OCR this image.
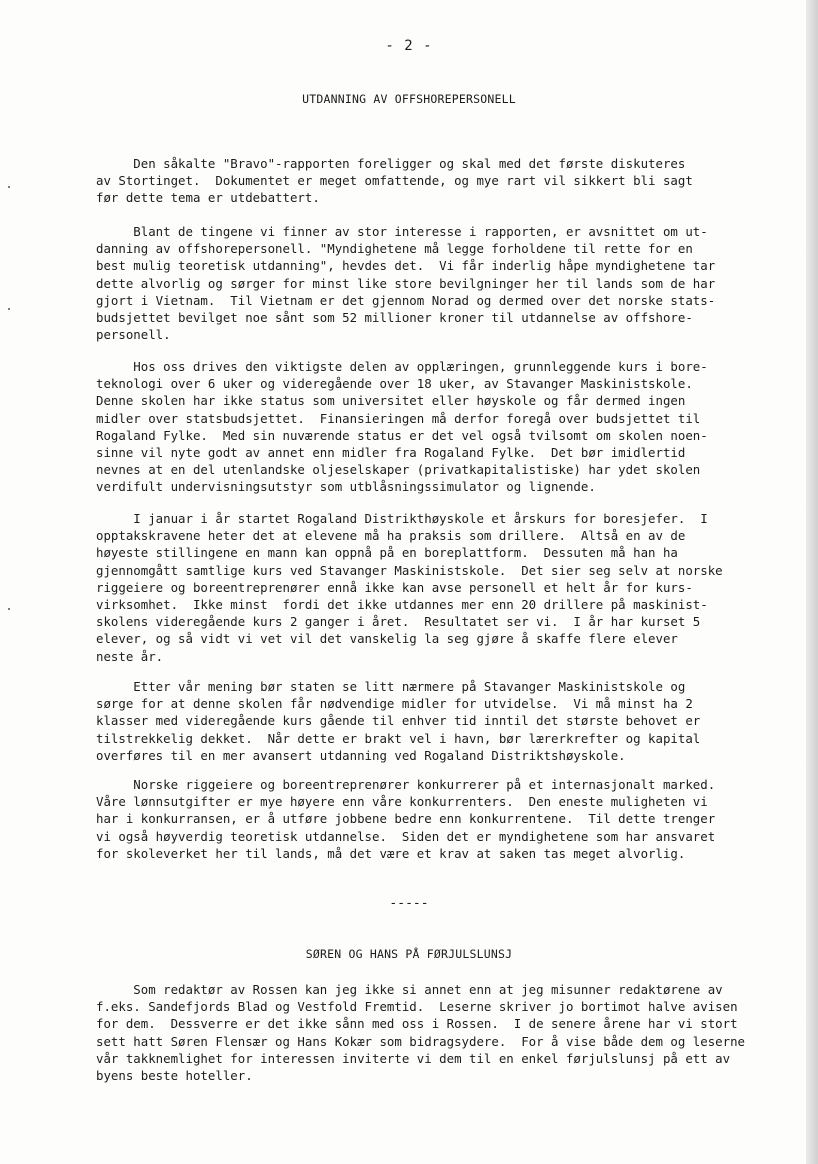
- 2 -
UTDANNING AV OFFSHOREPERSONELL
Den såkalte "Bravo"-rapporten foreligger og skal med det første diskuteres
av Stortinget.  Dokumentet er meget omfattende, og mye rart vil sikkert bli sagt
før dette tema er utdebattert.
Blant de tingene vi finner av stor interesse i rapporten, er avsnittet om ut-
danning av offshorepersonell. "Myndighetene må legge forholdene til rette for en
best mulig teoretisk utdanning", hevdes det.  Vi får inderlig håpe myndighetene tar
dette alvorlig og sørger for minst like store bevilgninger her til lands som de har
gjort i Vietnam.  Til Vietnam er det gjennom Norad og dermed over det norske stats-
budsjettet bevilget noe sånt som 52 millioner kroner til utdannelse av offshore-
personell.
Hos oss drives den viktigste delen av opplæringen, grunnleggende kurs i bore-
teknologi over 6 uker og videregående over 18 uker, av Stavanger Maskinistskole.
Denne skolen har ikke status som universitet eller høyskole og får dermed ingen
midler over statsbudsjettet.  Finansieringen må derfor foregå over budsjettet til
Rogaland Fylke.  Med sin nuværende status er det vel også tvilsomt om skolen noen-
sinne vil nyte godt av annet enn midler fra Rogaland Fylke.  Det bør imidlertid
nevnes at en del utenlandske oljeselskaper (privatkapitalistiske) har ydet skolen
verdifult undervisningsutstyr som utblåsningssimulator og lignende.
I januar i år startet Rogaland Distrikthøyskole et årskurs for boresjefer.  I
opptakskravene heter det at elevene må ha praksis som drillere.  Altså en av de
høyeste stillingene en mann kan oppnå på en boreplattform.  Dessuten må han ha
gjennomgått samtlige kurs ved Stavanger Maskinistskole.  Det sier seg selv at norske
riggeiere og boreentreprenører ennå ikke kan avse personell et helt år for kurs-
virksomhet.  Ikke minst  fordi det ikke utdannes mer enn 20 drillere på maskinist-
skolens videregående kurs 2 ganger i året.  Resultatet ser vi.  I år har kurset 5
elever, og så vidt vi vet vil det vanskelig la seg gjøre å skaffe flere elever
neste år.
Etter vår mening bør staten se litt nærmere på Stavanger Maskinistskole og
sørge for at denne skolen får nødvendige midler for utvidelse.  Vi må minst ha 2
klasser med videregående kurs gående til enhver tid inntil det største behovet er
tilstrekkelig dekket.  Når dette er brakt vel i havn, bør lærerkrefter og kapital
overføres til en mer avansert utdanning ved Rogaland Distriktshøyskole.
Norske riggeiere og boreentreprenører konkurrerer på et internasjonalt marked.
Våre lønnsutgifter er mye høyere enn våre konkurrenters.  Den eneste muligheten vi
har i konkurransen, er å utføre jobbene bedre enn konkurrentene.  Til dette trenger
vi også høyverdig teoretisk utdannelse.  Siden det er myndighetene som har ansvaret
for skoleverket her til lands, må det være et krav at saken tas meget alvorlig.
-----
SØREN OG HANS PÅ FØRJULSLUNSJ
Som redaktør av Rossen kan jeg ikke si annet enn at jeg misunner redaktørene av
f.eks. Sandefjords Blad og Vestfold Fremtid.  Leserne skriver jo bortimot halve avisen
for dem.  Dessverre er det ikke sånn med oss i Rossen.  I de senere årene har vi stort
sett hatt Søren Flensær og Hans Kokær som bidragsydere.  For å vise både dem og leserne
vår takknemlighet for interessen inviterte vi dem til en enkel førjulslunsj på ett av
byens beste hoteller.
